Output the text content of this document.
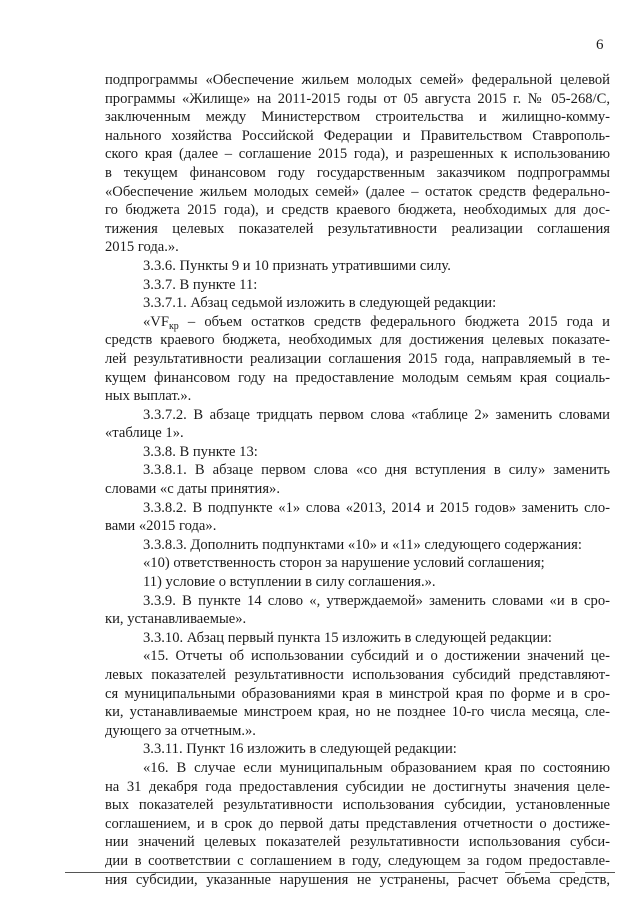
6
подпрограммы «Обеспечение жильем молодых семей» федеральной целевой
программы «Жилище» на 2011-2015 годы от 05 августа 2015 г. № 05-268/С,
заключенным между Министерством строительства и жилищно-комму-
нального хозяйства Российской Федерации и Правительством Ставрополь-
ского края (далее – соглашение 2015 года), и разрешенных к использованию
в текущем финансовом году государственным заказчиком подпрограммы
«Обеспечение жильем молодых семей» (далее – остаток средств федерально-
го бюджета 2015 года), и средств краевого бюджета, необходимых для дос-
тижения целевых показателей результативности реализации соглашения
2015 года.».
3.3.6. Пункты 9 и 10 признать утратившими силу.
3.3.7. В пункте 11:
3.3.7.1. Абзац седьмой изложить в следующей редакции:
«$VF_{кр}$ – объем остатков средств федерального бюджета 2015 года и
средств краевого бюджета, необходимых для достижения целевых показате-
лей результативности реализации соглашения 2015 года, направляемый в те-
кущем финансовом году на предоставление молодым семьям края социаль-
ных выплат.».
3.3.7.2. В абзаце тридцать первом слова «таблице 2» заменить словами
«таблице 1».
3.3.8. В пункте 13:
3.3.8.1. В абзаце первом слова «со дня вступления в силу» заменить
словами «с даты принятия».
3.3.8.2. В подпункте «1» слова «2013, 2014 и 2015 годов» заменить сло-
вами «2015 года».
3.3.8.3. Дополнить подпунктами «10» и «11» следующего содержания:
«10) ответственность сторон за нарушение условий соглашения;
11) условие о вступлении в силу соглашения.».
3.3.9. В пункте 14 слово «, утверждаемой» заменить словами «и в сро-
ки, устанавливаемые».
3.3.10. Абзац первый пункта 15 изложить в следующей редакции:
«15. Отчеты об использовании субсидий и о достижении значений це-
левых показателей результативности использования субсидий представляют-
ся муниципальными образованиями края в минстрой края по форме и в сро-
ки, устанавливаемые минстроем края, но не позднее 10-го числа месяца, сле-
дующего за отчетным.».
3.3.11. Пункт 16 изложить в следующей редакции:
«16. В случае если муниципальным образованием края по состоянию
на 31 декабря года предоставления субсидии не достигнуты значения целе-
вых показателей результативности использования субсидии, установленные
соглашением, и в срок до первой даты представления отчетности о достиже-
нии значений целевых показателей результативности использования субси-
дии в соответствии с соглашением в году, следующем за годом предоставле-
ния субсидии, указанные нарушения не устранены, расчет объема средств,
